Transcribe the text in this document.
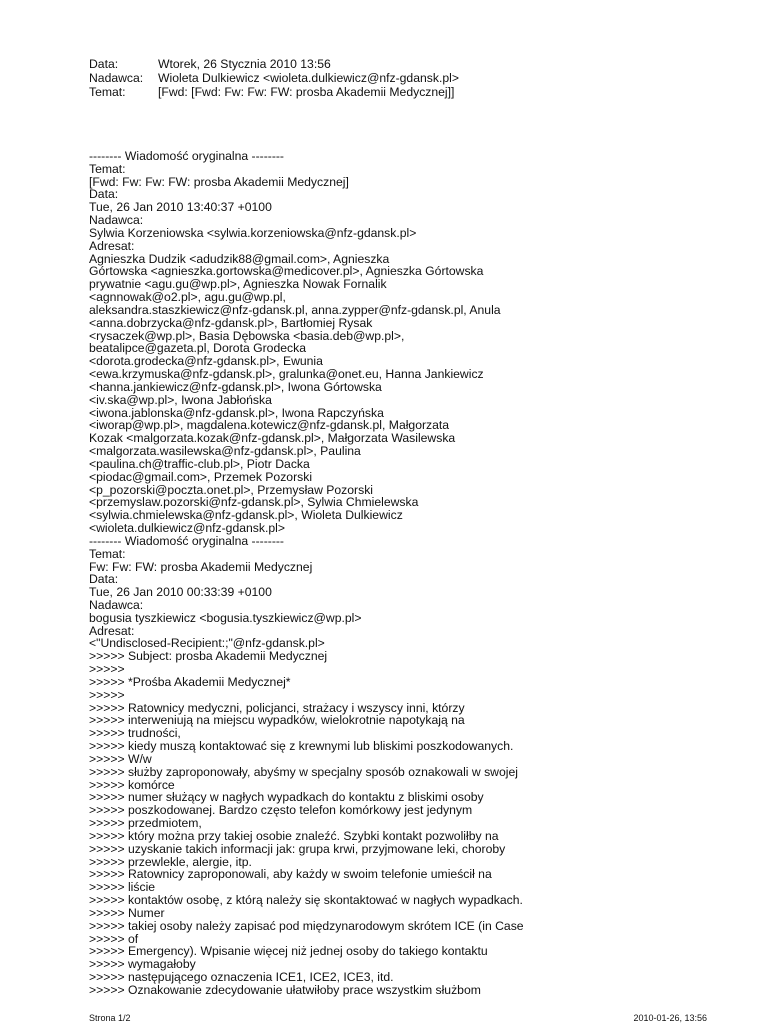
Data:	Wtorek, 26 Stycznia 2010 13:56
Nadawca: Wioleta Dulkiewicz <wioleta.dulkiewicz@nfz-gdansk.pl>
Temat:	[Fwd: [Fwd: Fw: Fw: FW: prosba Akademii Medycznej]]
-------- Wiadomość oryginalna --------
Temat:
[Fwd: Fw: Fw: FW: prosba Akademii Medycznej]
Data:
Tue, 26 Jan 2010 13:40:37 +0100
Nadawca:
Sylwia Korzeniowska <sylwia.korzeniowska@nfz-gdansk.pl>
Adresat:
Agnieszka Dudzik <adudzik88@gmail.com>, Agnieszka
Górtowska <agnieszka.gortowska@medicover.pl>, Agnieszka Górtowska
prywatnie <agu.gu@wp.pl>, Agnieszka Nowak Fornalik
<agnnowak@o2.pl>, agu.gu@wp.pl,
aleksandra.staszkiewicz@nfz-gdansk.pl, anna.zypper@nfz-gdansk.pl, Anula
<anna.dobrzycka@nfz-gdansk.pl>, Bartłomiej Rysak
<rysaczek@wp.pl>, Basia Dębowska <basia.deb@wp.pl>,
beatalipce@gazeta.pl, Dorota Grodecka
<dorota.grodecka@nfz-gdansk.pl>, Ewunia
<ewa.krzymuska@nfz-gdansk.pl>, gralunka@onet.eu, Hanna Jankiewicz
<hanna.jankiewicz@nfz-gdansk.pl>, Iwona Górtowska
<iv.ska@wp.pl>, Iwona Jabłońska
<iwona.jablonska@nfz-gdansk.pl>, Iwona Rapczyńska
<iworap@wp.pl>, magdalena.kotewicz@nfz-gdansk.pl, Małgorzata
Kozak <malgorzata.kozak@nfz-gdansk.pl>, Małgorzata Wasilewska
<malgorzata.wasilewska@nfz-gdansk.pl>, Paulina
<paulina.ch@traffic-club.pl>, Piotr Dacka
<piodac@gmail.com>, Przemek Pozorski
<p_pozorski@poczta.onet.pl>, Przemysław Pozorski
<przemyslaw.pozorski@nfz-gdansk.pl>, Sylwia Chmielewska
<sylwia.chmielewska@nfz-gdansk.pl>, Wioleta Dulkiewicz
<wioleta.dulkiewicz@nfz-gdansk.pl>
-------- Wiadomość oryginalna --------
Temat:
Fw: Fw: FW: prosba Akademii Medycznej
Data:
Tue, 26 Jan 2010 00:33:39 +0100
Nadawca:
bogusia tyszkiewicz <bogusia.tyszkiewicz@wp.pl>
Adresat:
<"Undisclosed-Recipient:;"@nfz-gdansk.pl>
>>>>> Subject: prosba Akademii Medycznej
>>>>>
>>>>> *Prośba Akademii Medycznej*
>>>>>
>>>>> Ratownicy medyczni, policjanci, strażacy i wszyscy inni, którzy
>>>>> interweniują na miejscu wypadków, wielokrotnie napotykają na
>>>>> trudności,
>>>>> kiedy muszą kontaktować się z krewnymi lub bliskimi poszkodowanych.
>>>>> W/w
>>>>> służby zaproponowały, abyśmy w specjalny sposób oznakowali w swojej
>>>>> komórce
>>>>> numer służący w nagłych wypadkach do kontaktu z bliskimi osoby
>>>>> poszkodowanej. Bardzo często telefon komórkowy jest jedynym
>>>>> przedmiotem,
>>>>> który można przy takiej osobie znaleźć. Szybki kontakt pozwoliłby na
>>>>> uzyskanie takich informacji jak: grupa krwi, przyjmowane leki, choroby
>>>>> przewlekle, alergie, itp.
>>>>> Ratownicy zaproponowali, aby każdy w swoim telefonie umieścił na
>>>>> liście
>>>>> kontaktów osobę, z którą należy się skontaktować w nagłych wypadkach.
>>>>> Numer
>>>>> takiej osoby należy zapisać pod międzynarodowym skrótem ICE (in Case
>>>>> of
>>>>> Emergency). Wpisanie więcej niż jednej osoby do takiego kontaktu
>>>>> wymagałoby
>>>>> następującego oznaczenia ICE1, ICE2, ICE3, itd.
>>>>> Oznakowanie zdecydowanie ułatwiłoby prace wszystkim służbom
Strona 1/2	2010-01-26, 13:56
